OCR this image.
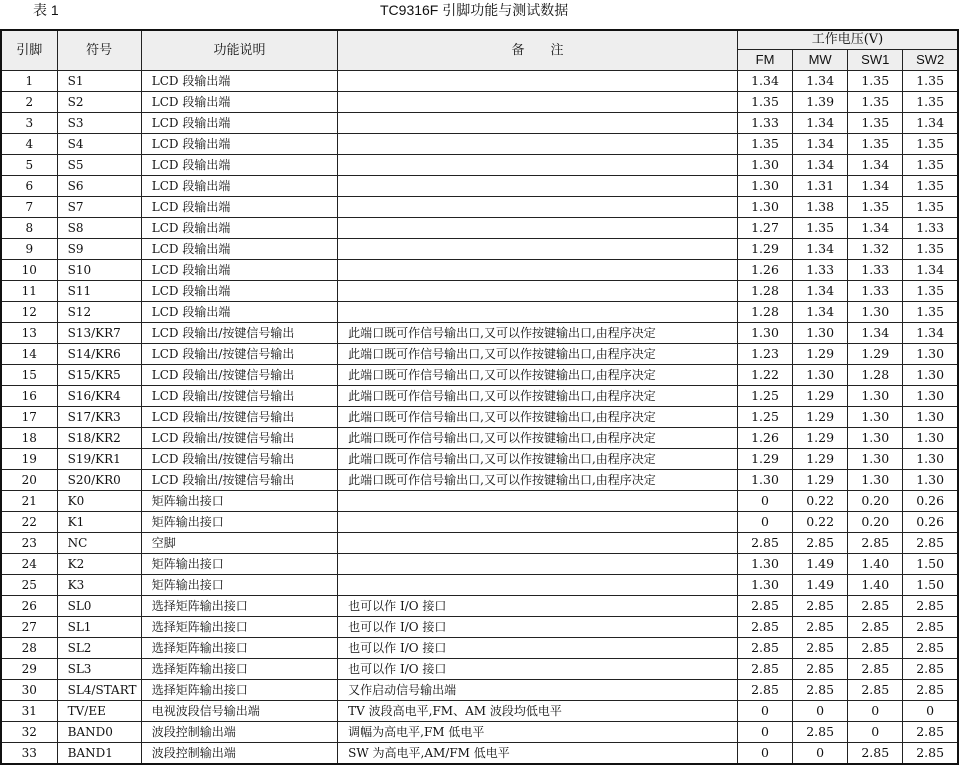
表 1	TC9316F 引脚功能与测试数据
引脚	符号	功能说明	备　　注	工作电压(V)			
				FM	MW	SW1	SW2
1	S1	LCD 段输出端		1.34	1.34	1.35	1.35
2	S2	LCD 段输出端		1.35	1.39	1.35	1.35
3	S3	LCD 段输出端		1.33	1.34	1.35	1.34
4	S4	LCD 段输出端		1.35	1.34	1.35	1.35
5	S5	LCD 段输出端		1.30	1.34	1.34	1.35
6	S6	LCD 段输出端		1.30	1.31	1.34	1.35
7	S7	LCD 段输出端		1.30	1.38	1.35	1.35
8	S8	LCD 段输出端		1.27	1.35	1.34	1.33
9	S9	LCD 段输出端		1.29	1.34	1.32	1.35
10	S10	LCD 段输出端		1.26	1.33	1.33	1.34
11	S11	LCD 段输出端		1.28	1.34	1.33	1.35
12	S12	LCD 段输出端		1.28	1.34	1.30	1.35
13	S13/KR7	LCD 段输出/按键信号输出	此端口既可作信号输出口,又可以作按键输出口,由程序决定	1.30	1.30	1.34	1.34
14	S14/KR6	LCD 段输出/按键信号输出	此端口既可作信号输出口,又可以作按键输出口,由程序决定	1.23	1.29	1.29	1.30
15	S15/KR5	LCD 段输出/按键信号输出	此端口既可作信号输出口,又可以作按键输出口,由程序决定	1.22	1.30	1.28	1.30
16	S16/KR4	LCD 段输出/按键信号输出	此端口既可作信号输出口,又可以作按键输出口,由程序决定	1.25	1.29	1.30	1.30
17	S17/KR3	LCD 段输出/按键信号输出	此端口既可作信号输出口,又可以作按键输出口,由程序决定	1.25	1.29	1.30	1.30
18	S18/KR2	LCD 段输出/按键信号输出	此端口既可作信号输出口,又可以作按键输出口,由程序决定	1.26	1.29	1.30	1.30
19	S19/KR1	LCD 段输出/按键信号输出	此端口既可作信号输出口,又可以作按键输出口,由程序决定	1.29	1.29	1.30	1.30
20	S20/KR0	LCD 段输出/按键信号输出	此端口既可作信号输出口,又可以作按键输出口,由程序决定	1.30	1.29	1.30	1.30
21	K0	矩阵输出接口		0	0.22	0.20	0.26
22	K1	矩阵输出接口		0	0.22	0.20	0.26
23	NC	空脚		2.85	2.85	2.85	2.85
24	K2	矩阵输出接口		1.30	1.49	1.40	1.50
25	K3	矩阵输出接口		1.30	1.49	1.40	1.50
26	SL0	选择矩阵输出接口	也可以作 I/O 接口	2.85	2.85	2.85	2.85
27	SL1	选择矩阵输出接口	也可以作 I/O 接口	2.85	2.85	2.85	2.85
28	SL2	选择矩阵输出接口	也可以作 I/O 接口	2.85	2.85	2.85	2.85
29	SL3	选择矩阵输出接口	也可以作 I/O 接口	2.85	2.85	2.85	2.85
30	SL4/START	选择矩阵输出接口	又作启动信号输出端	2.85	2.85	2.85	2.85
31	TV/EE	电视波段信号输出端	TV 波段高电平,FM、AM 波段均低电平	0	0	0	0
32	BAND0	波段控制输出端	调幅为高电平,FM 低电平	0	2.85	0	2.85
33	BAND1	波段控制输出端	SW 为高电平,AM/FM 低电平	0	0	2.85	2.85
